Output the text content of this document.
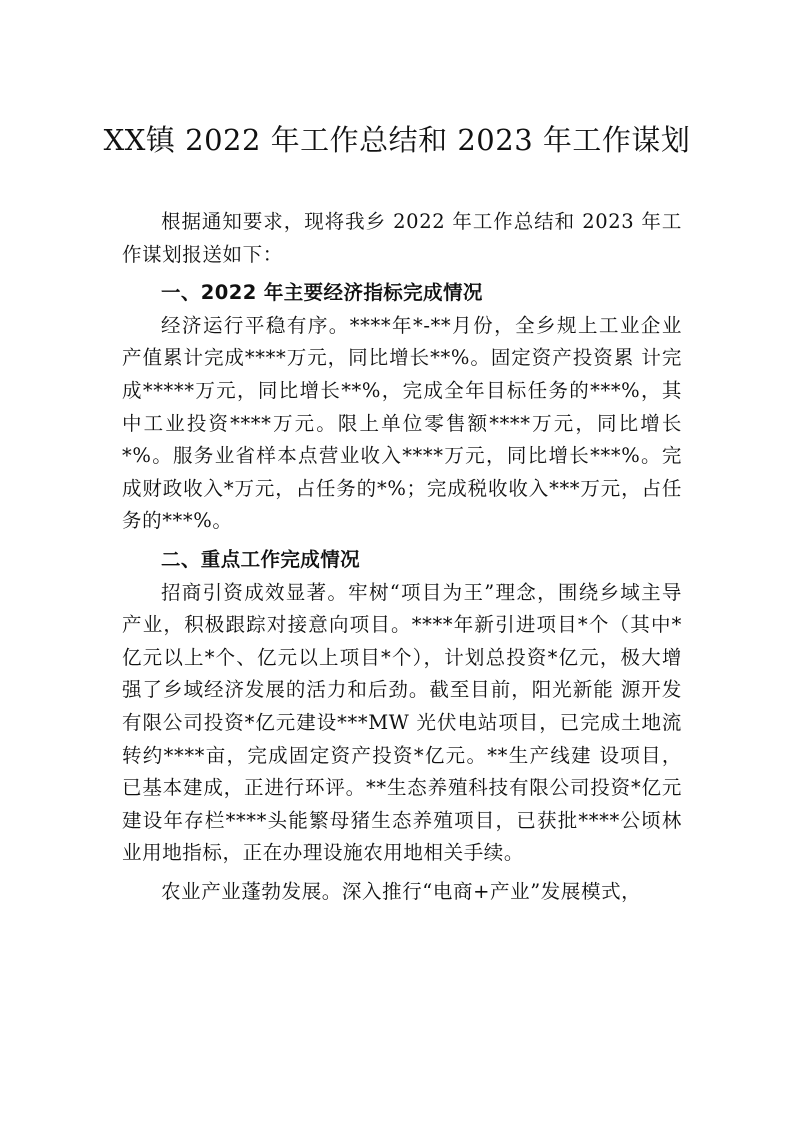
XX镇 2022 年工作总结和 2023 年工作谋划

根据通知要求，现将我乡 2022 年工作总结和 2023 年工作谋划报送如下：

一、2022 年主要经济指标完成情况

经济运行平稳有序。****年*-**月份，全乡规上工业企业产值累计完成****万元，同比增长**%。固定资产投资累 计完成*****万元，同比增长**%，完成全年目标任务的***%，其中工业投资****万元。限上单位零售额****万元，同比增长*%。服务业省样本点营业收入****万元，同比增长***%。完成财政收入*万元，占任务的*%；完成税收收入***万元，占任务的***%。

二、重点工作完成情况

招商引资成效显著。牢树“项目为王”理念，围绕乡域主导产业，积极跟踪对接意向项目。****年新引进项目*个（其中*亿元以上*个、亿元以上项目*个），计划总投资*亿元，极大增强了乡域经济发展的活力和后劲。截至目前，阳光新能 源开发有限公司投资*亿元建设***MW 光伏电站项目，已完成土地流转约****亩，完成固定资产投资*亿元。**生产线建 设项目，已基本建成，正进行环评。**生态养殖科技有限公司投资*亿元建设年存栏****头能繁母猪生态养殖项目，已获批****公顷林业用地指标，正在办理设施农用地相关手续。

农业产业蓬勃发展。深入推行“电商+产业”发展模式，
